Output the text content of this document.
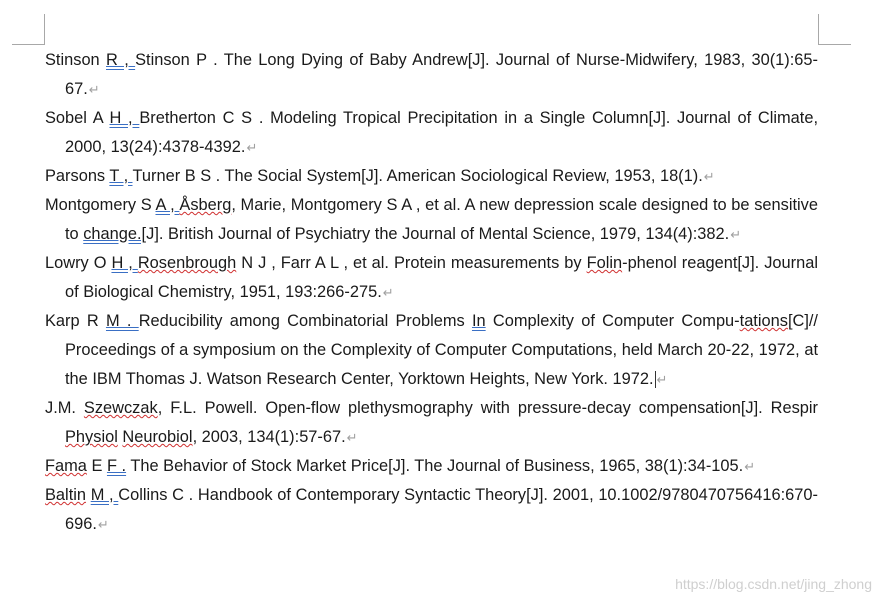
Stinson R , Stinson P . The Long Dying of Baby Andrew[J]. Journal of Nurse-Midwifery, 1983, 30(1):65-67.↵

Sobel A H , Bretherton C S . Modeling Tropical Precipitation in a Single Column[J]. Journal of Climate, 2000, 13(24):4378-4392.↵

Parsons T , Turner B S . The Social System[J]. American Sociological Review, 1953, 18(1).↵

Montgomery S A , Åsberg, Marie, Montgomery S A , et al. A new depression scale designed to be sensitive to change.[J]. British Journal of Psychiatry the Journal of Mental Science, 1979, 134(4):382.↵

Lowry O H , Rosenbrough N J , Farr A L , et al. Protein measurements by Folin-phenol reagent[J]. Journal of Biological Chemistry, 1951, 193:266-275.↵

Karp R M . Reducibility among Combinatorial Problems In Complexity of Computer Compu-tations[C]// Proceedings of a symposium on the Complexity of Computer Computations, held March 20-22, 1972, at the IBM Thomas J. Watson Research Center, Yorktown Heights, New York. 1972. ↵

J.M. Szewczak, F.L. Powell. Open-flow plethysmography with pressure-decay compensation[J]. Respir Physiol Neurobiol, 2003, 134(1):57-67.↵

Fama E F . The Behavior of Stock Market Price[J]. The Journal of Business, 1965, 38(1):34-105.↵

Baltin M , Collins C . Handbook of Contemporary Syntactic Theory[J]. 2001, 10.1002/9780470756416:670-696.↵

https://blog.csdn.net/jing_zhong
